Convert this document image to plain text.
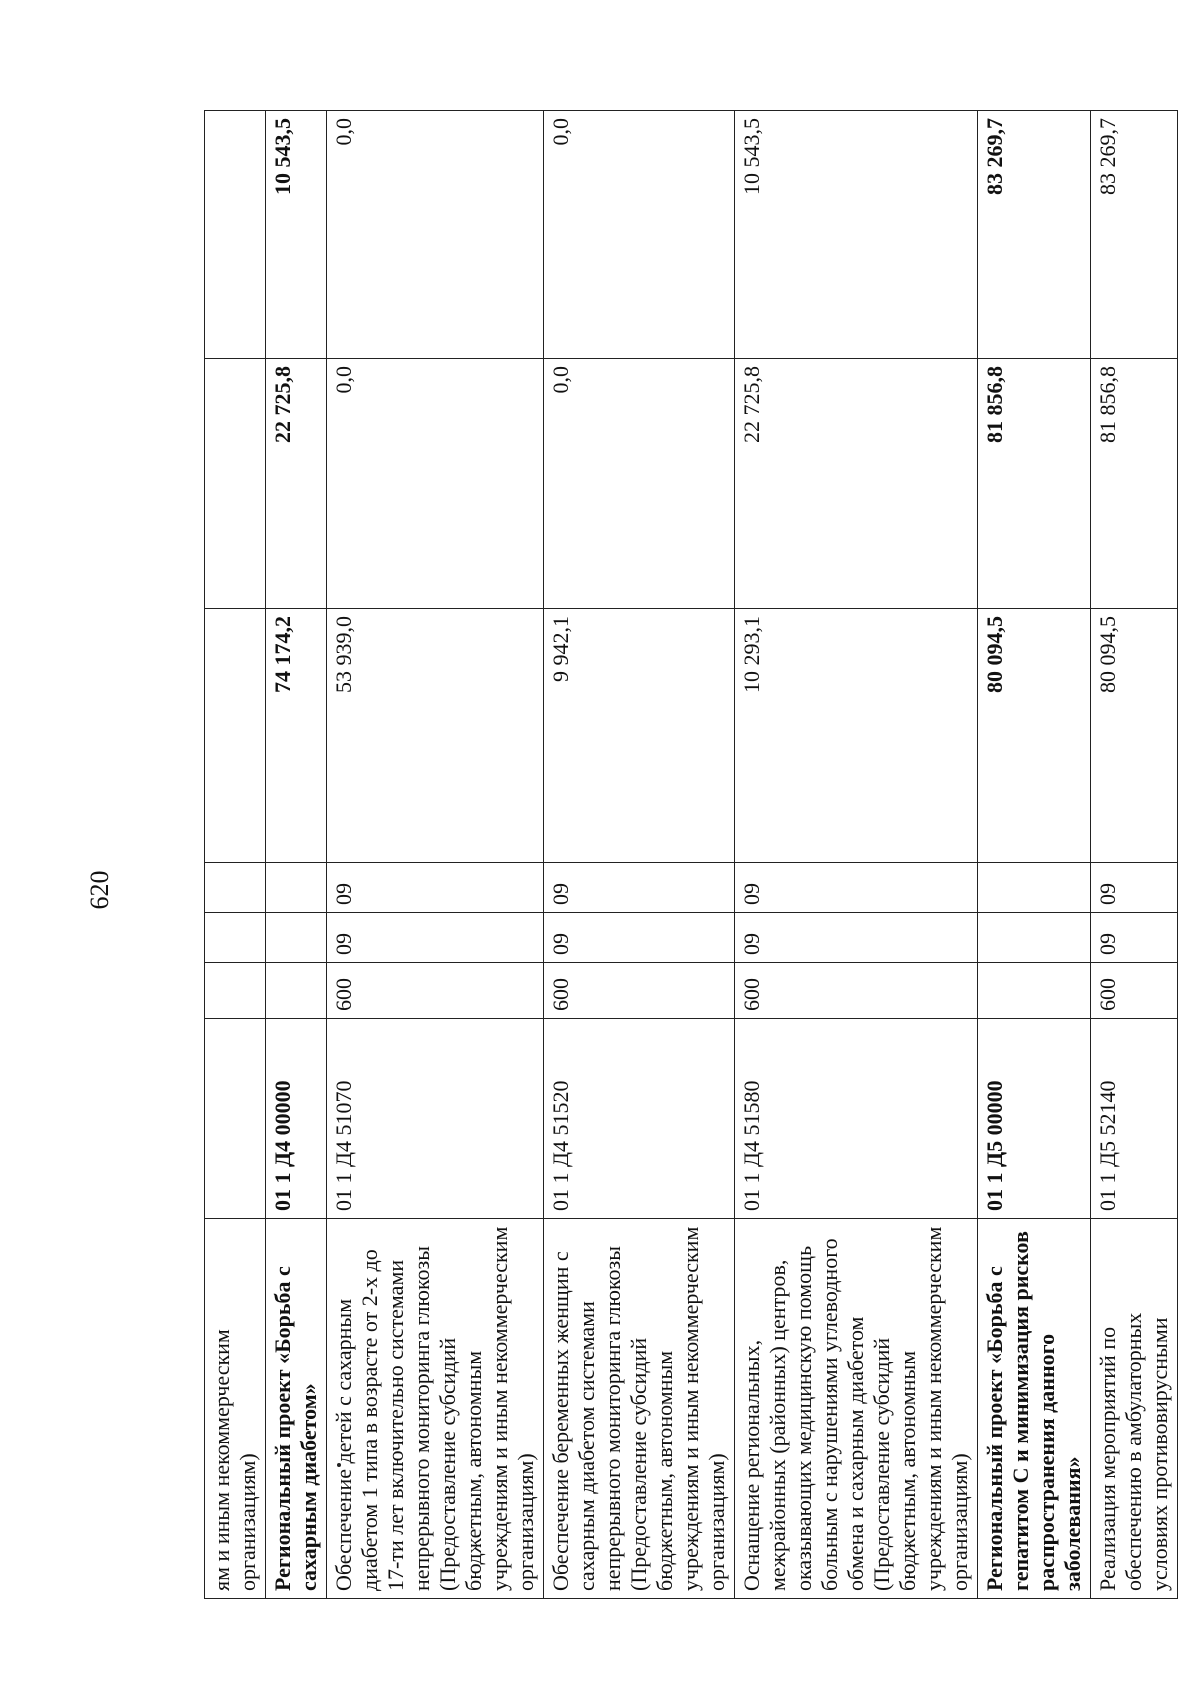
620
ям и иным некоммерческим организациям)							
Региональный проект «Борьба с сахарным диабетом»	01 1 Д4 00000				74 174,2	22 725,8	10 543,5
Обеспечение детей с сахарным диабетом 1 типа в возрасте от 2-х до 17-ти лет включительно системами непрерывного мониторинга глюкозы (Предоставление субсидий бюджетным, автономным учреждениям и иным некоммерческим организациям)	01 1 Д4 51070	600	09	09	53 939,0	0,0	0,0
Обеспечение беременных женщин с сахарным диабетом системами непрерывного мониторинга глюкозы (Предоставление субсидий бюджетным, автономным учреждениям и иным некоммерческим организациям)	01 1 Д4 51520	600	09	09	9 942,1	0,0	0,0
Оснащение региональных, межрайонных (районных) центров, оказывающих медицинскую помощь больным с нарушениями углеводного обмена и сахарным диабетом (Предоставление субсидий бюджетным, автономным учреждениям и иным некоммерческим организациям)	01 1 Д4 51580	600	09	09	10 293,1	22 725,8	10 543,5
Региональный проект «Борьба с гепатитом С и минимизация рисков распространения данного заболевания»	01 1 Д5 00000				80 094,5	81 856,8	83 269,7
Реализация мероприятий по обеспечению в амбулаторных условиях противовирусными	01 1 Д5 52140	600	09	09	80 094,5	81 856,8	83 269,7
